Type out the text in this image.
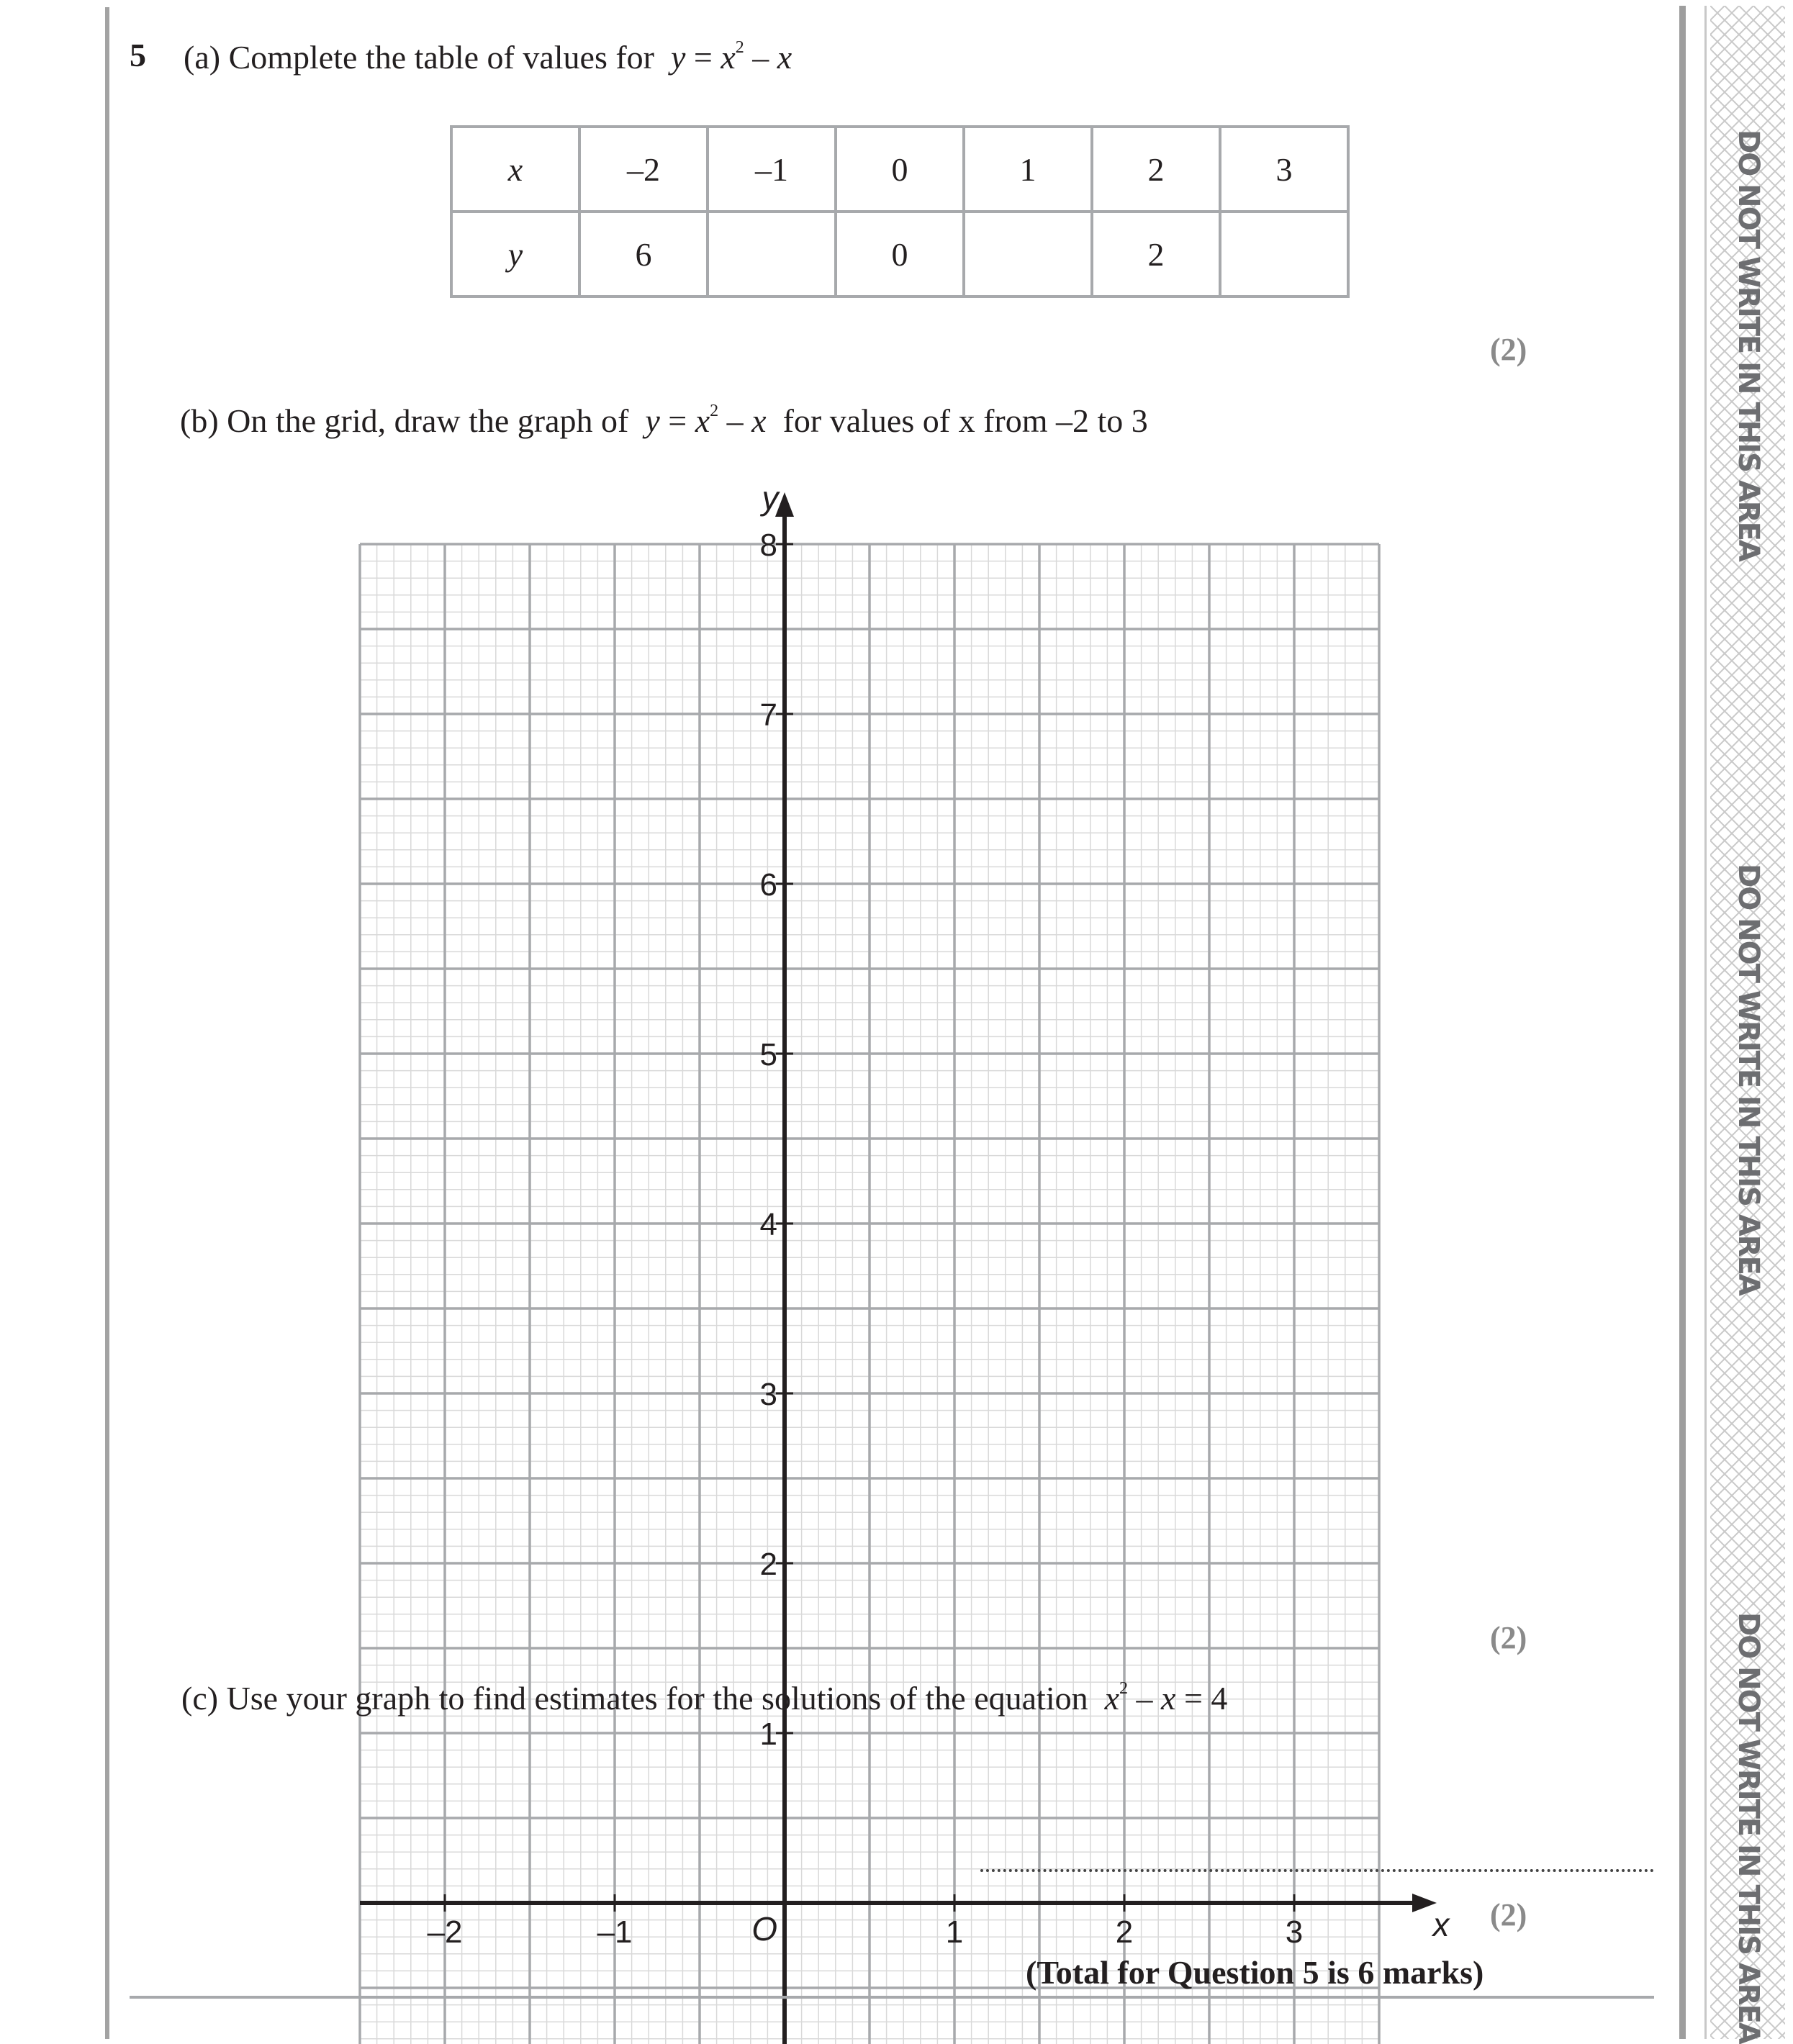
DO NOT WRITE IN THIS AREA
DO NOT WRITE IN THIS AREA
DO NOT WRITE IN THIS AREA
5 (a) Complete the table of values for $y = x^2 - x$
x	–2	–1	0	1	2	3
y	6		0		2	
(2)
(b) On the grid, draw the graph of $y = x^2 - x$ for values of x from –2 to 3
–2	–1	1	2	3
1
2
3
4
5
6
7
8
O	x
y
(2)
(c) Use your graph to find estimates for the solutions of the equation $x^2 - x = 4$
(2)
(Total for Question 5 is 6 marks)
